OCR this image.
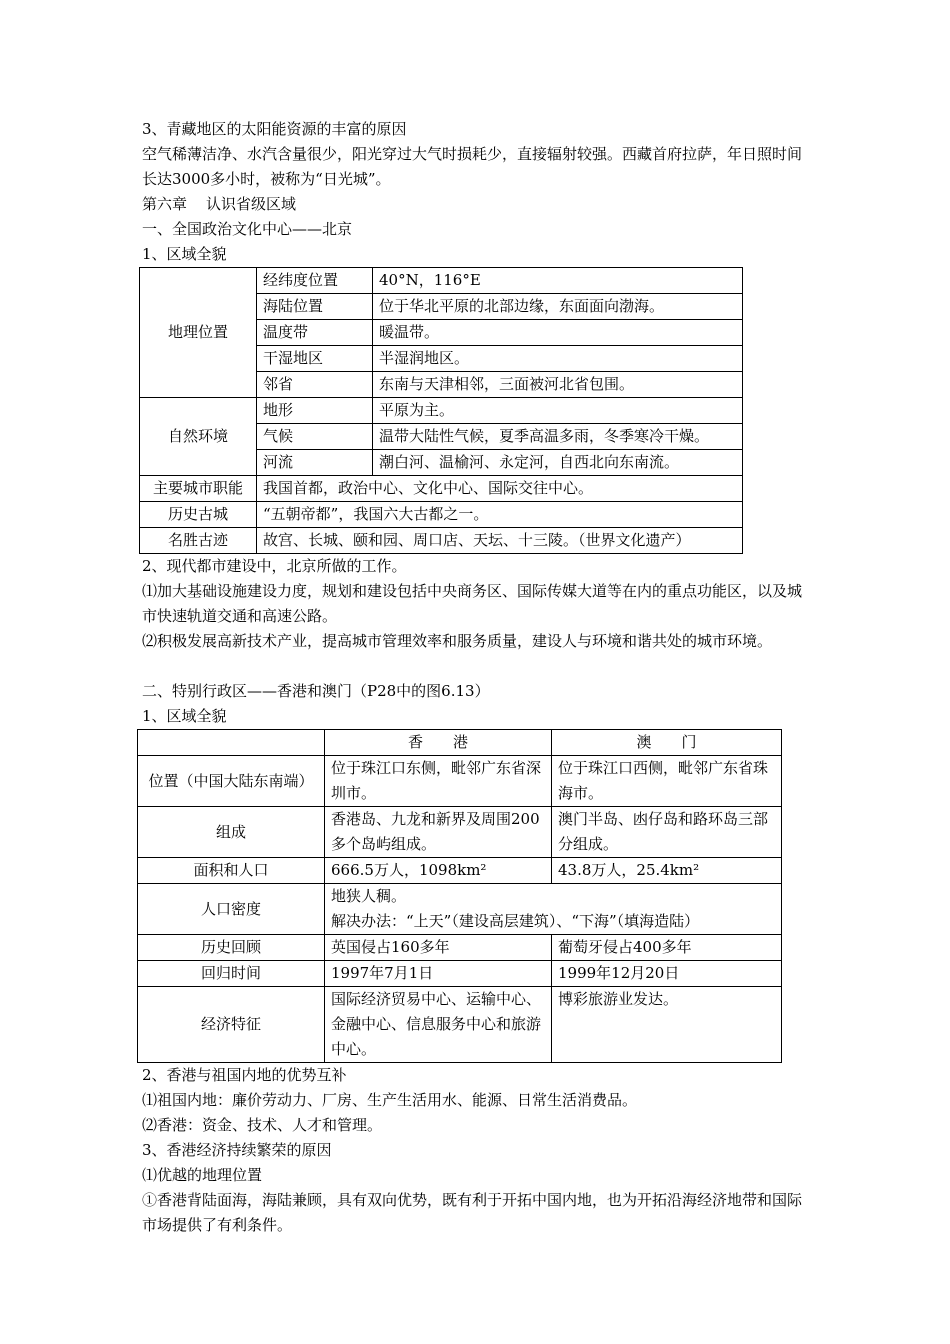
3、青藏地区的太阳能资源的丰富的原因
空气稀薄洁净、水汽含量很少，阳光穿过大气时损耗少，直接辐射较强。西藏首府拉萨，年日照时间长达3000多小时，被称为“日光城”。
第六章 认识省级区域
一、全国政治文化中心——北京
1、区域全貌
地理位置	经纬度位置	40°N，116°E
	海陆位置	位于华北平原的北部边缘，东面面向渤海。
	温度带	暖温带。
	干湿地区	半湿润地区。
	邻省	东南与天津相邻，三面被河北省包围。
自然环境	地形	平原为主。
	气候	温带大陆性气候，夏季高温多雨，冬季寒冷干燥。
	河流	潮白河、温榆河、永定河，自西北向东南流。
主要城市职能	我国首都，政治中心、文化中心、国际交往中心。	
历史古城	“五朝帝都”，我国六大古都之一。	
名胜古迹	故宫、长城、颐和园、周口店、天坛、十三陵。（世界文化遗产）	
2、现代都市建设中，北京所做的工作。
⑴加大基础设施建设力度，规划和建设包括中央商务区、国际传媒大道等在内的重点功能区，以及城市快速轨道交通和高速公路。
⑵积极发展高新技术产业，提高城市管理效率和服务质量，建设人与环境和谐共处的城市环境。
二、特别行政区——香港和澳门（P28中的图6.13）
1、区域全貌
	香　　港	澳　　门
位置（中国大陆东南端）	位于珠江口东侧，毗邻广东省深圳市。	位于珠江口西侧，毗邻广东省珠海市。
组成	香港岛、九龙和新界及周围200多个岛屿组成。	澳门半岛、凼仔岛和路环岛三部分组成。
面积和人口	666.5万人，1098km²	43.8万人，25.4km²
人口密度	地狭人稠。
解决办法：“上天”（建设高层建筑）、“下海”（填海造陆）	

历史回顾	英国侵占160多年	葡萄牙侵占400多年
回归时间	1997年7月1日	1999年12月20日
经济特征	国际经济贸易中心、运输中心、金融中心、信息服务中心和旅游中心。	博彩旅游业发达。
2、香港与祖国内地的优势互补
⑴祖国内地：廉价劳动力、厂房、生产生活用水、能源、日常生活消费品。
⑵香港：资金、技术、人才和管理。
3、香港经济持续繁荣的原因
⑴优越的地理位置
①香港背陆面海，海陆兼顾，具有双向优势，既有利于开拓中国内地，也为开拓沿海经济地带和国际市场提供了有利条件。
